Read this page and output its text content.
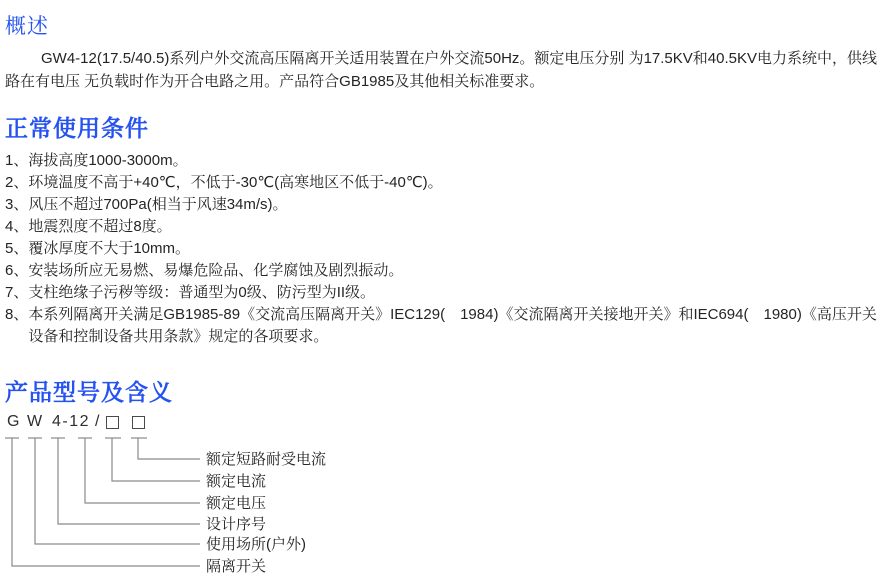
概述
GW4-12(17.5/40.5)系列户外交流高压隔离开关适用装置在户外交流50Hz。额定电压分别 为17.5KV和40.5KV电力系统中，供线路在有电压 无负载时作为开合电路之用。产品符合GB1985及其他相关标准要求。
正常使用条件
1、 海拔高度1000-3000m。
2、 环境温度不高于+40℃，不低于-30℃(高寒地区不低于-40℃)。
3、 风压不超过700Pa(相当于风速34m/s)。
4、 地震烈度不超过8度。
5、 覆冰厚度不大于10mm。
6、 安装场所应无易燃、易爆危险品、化学腐蚀及剧烈振动。
7、 支柱绝缘子污秽等级：普通型为0级、防污型为II级。
8、 本系列隔离开关满足GB1985-89《交流高压隔离开关》IEC129(　1984)《交流隔离开关接地开关》和IEC694(　1980)《高压开关设备和控制设备共用条款》规定的各项要求。
产品型号及含义
G W 4-12 /
额定短路耐受电流
额定电流
额定电压
设计序号
使用场所(户外)
隔离开关
